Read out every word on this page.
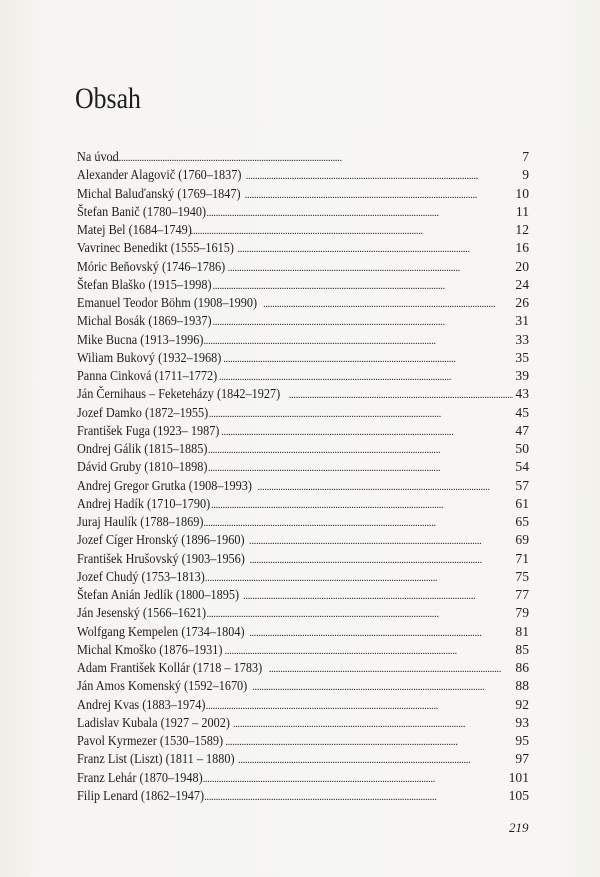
Obsah
Na úvod . . .	7
Alexander Alagovič (1760–1837) . . .	9
Michal Baluďanský (1769–1847) . . .	10
Štefan Banič (1780–1940) . . .	11
Matej Bel (1684–1749) . . .	12
Vavrinec Benedikt (1555–1615) . . .	16
Móric Beňovský (1746–1786) . . .	20
Štefan Blaško (1915–1998) . . .	24
Emanuel Teodor Böhm (1908–1990) . . .	26
Michal Bosák (1869–1937) . . .	31
Mike Bucna (1913–1996) . . .	33
Wiliam Bukový (1932–1968) . . .	35
Panna Cinková (1711–1772) . . .	39
Ján Černihaus – Feketeházy (1842–1927) . . .	43
Jozef Damko (1872–1955) . . .	45
František Fuga (1923– 1987) . . .	47
Ondrej Gálik (1815–1885) . . .	50
Dávid Gruby (1810–1898) . . .	54
Andrej Gregor Grutka (1908–1993) . . .	57
Andrej Hadík (1710–1790) . . .	61
Juraj Haulík (1788–1869) . . .	65
Jozef Cíger Hronský (1896–1960) . . .	69
František Hrušovský (1903–1956) . . .	71
Jozef Chudý (1753–1813) . . .	75
Štefan Anián Jedlík (1800–1895) . . .	77
Ján Jesenský (1566–1621) . . .	79
Wolfgang Kempelen (1734–1804) . . .	81
Michal Kmoško (1876–1931) . . .	85
Adam František Kollár (1718 – 1783) . . .	86
Ján Amos Komenský (1592–1670) . . .	88
Andrej Kvas (1883–1974) . . .	92
Ladislav Kubala (1927 – 2002) . . .	93
Pavol Kyrmezer (1530–1589) . . .	95
Franz List (Liszt) (1811 – 1880) . . .	97
Franz Lehár (1870–1948) . . .	101
Filip Lenard (1862–1947) . . .	105
219
